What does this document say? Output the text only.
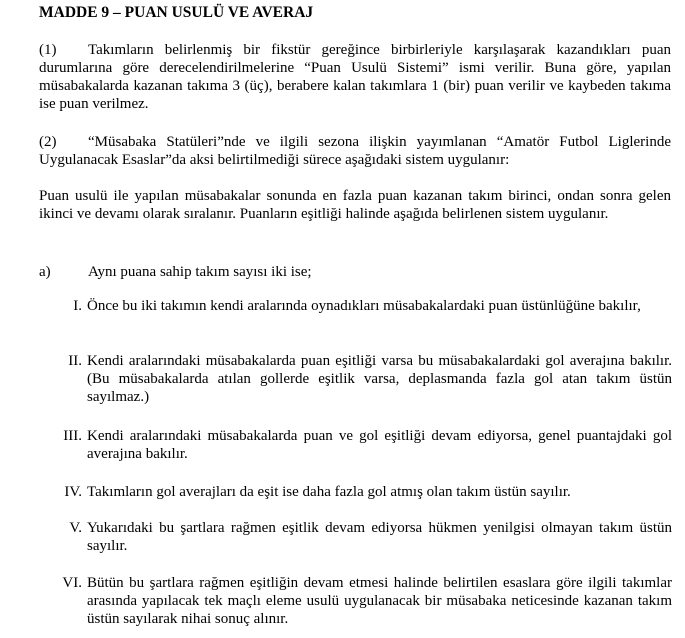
MADDE 9 – PUAN USULÜ VE AVERAJ
(1) Takımların belirlenmiş bir fikstür gereğince birbirleriyle karşılaşarak kazandıkları puan durumlarına göre derecelendirilmelerine “Puan Usulü Sistemi” ismi verilir. Buna göre, yapılan müsabakalarda kazanan takıma 3 (üç), berabere kalan takımlara 1 (bir) puan verilir ve kaybeden takıma ise puan verilmez.
(2) “Müsabaka Statüleri”nde ve ilgili sezona ilişkin yayımlanan “Amatör Futbol Liglerinde Uygulanacak Esaslar”da aksi belirtilmediği sürece aşağıdaki sistem uygulanır:
Puan usulü ile yapılan müsabakalar sonunda en fazla puan kazanan takım birinci, ondan sonra gelen ikinci ve devamı olarak sıralanır. Puanların eşitliği halinde aşağıda belirlenen sistem uygulanır.
a) Aynı puana sahip takım sayısı iki ise;
I. Önce bu iki takımın kendi aralarında oynadıkları müsabakalardaki puan üstünlüğüne bakılır,
II. Kendi aralarındaki müsabakalarda puan eşitliği varsa bu müsabakalardaki gol averajına bakılır. (Bu müsabakalarda atılan gollerde eşitlik varsa, deplasmanda fazla gol atan takım üstün sayılmaz.)
III. Kendi aralarındaki müsabakalarda puan ve gol eşitliği devam ediyorsa, genel puantajdaki gol averajına bakılır.
IV. Takımların gol averajları da eşit ise daha fazla gol atmış olan takım üstün sayılır.
V. Yukarıdaki bu şartlara rağmen eşitlik devam ediyorsa hükmen yenilgisi olmayan takım üstün sayılır.
VI. Bütün bu şartlara rağmen eşitliğin devam etmesi halinde belirtilen esaslara göre ilgili takımlar arasında yapılacak tek maçlı eleme usulü uygulanacak bir müsabaka neticesinde kazanan takım üstün sayılarak nihai sonuç alınır.
